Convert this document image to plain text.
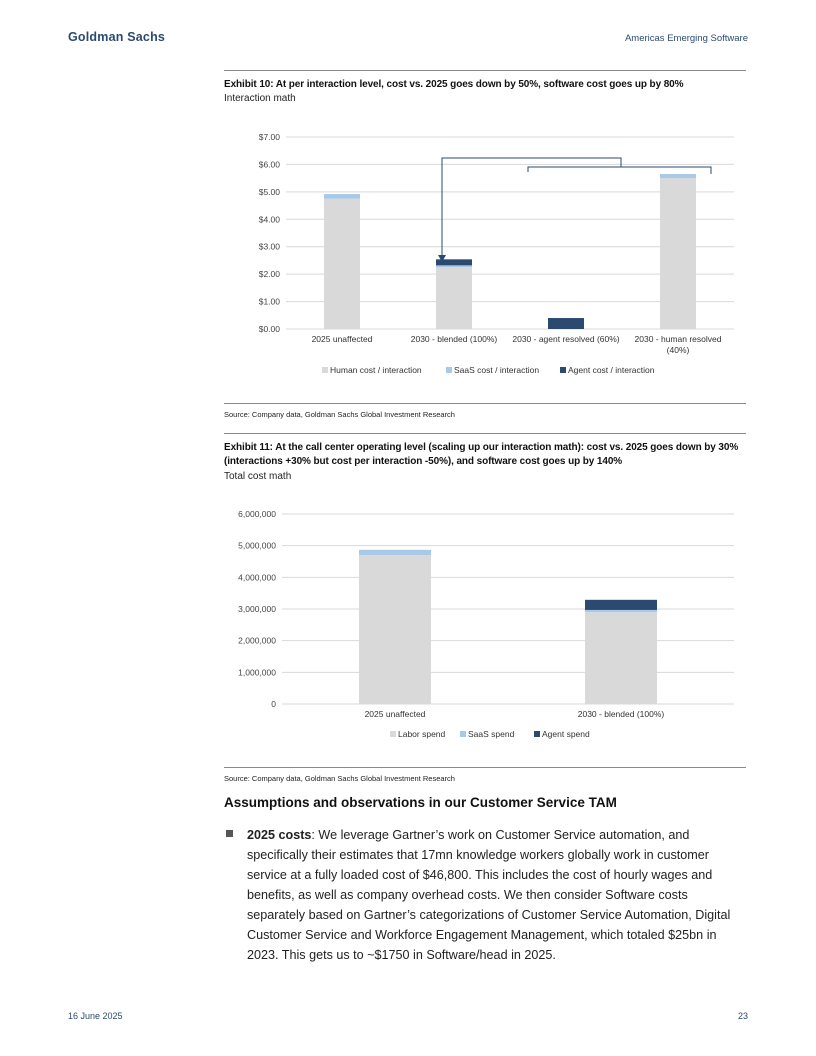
Goldman Sachs	Americas Emerging Software
Exhibit 10: At per interaction level, cost vs. 2025 goes down by 50%, software cost goes up by 80%
Interaction math
$0.00
$1.00
$2.00
$3.00
$4.00
$5.00
$6.00
$7.00
2025 unaffected	2030 - blended (100%) 2030 - agent resolved (60%) 2030 - human resolved
(40%)
Human cost / interaction	SaaS cost / interaction	Agent cost / interaction
Source: Company data, Goldman Sachs Global Investment Research
Exhibit 11: At the call center operating level (scaling up our interaction math): cost vs. 2025 goes down by 30% (interactions +30% but cost per interaction -50%), and software cost goes up by 140%
Total cost math
0
1,000,000
2,000,000
3,000,000
4,000,000
5,000,000
6,000,000
2025 unaffected	2030 - blended (100%)
Labor spend	SaaS spend	Agent spend
Source: Company data, Goldman Sachs Global Investment Research
Assumptions and observations in our Customer Service TAM
2025 costs: We leverage Gartner’s work on Customer Service automation, and specifically their estimates that 17mn knowledge workers globally work in customer service at a fully loaded cost of $46,800. This includes the cost of hourly wages and benefits, as well as company overhead costs. We then consider Software costs separately based on Gartner’s categorizations of Customer Service Automation, Digital Customer Service and Workforce Engagement Management, which totaled $25bn in 2023. This gets us to ~$1750 in Software/head in 2025.
16 June 2025	23
